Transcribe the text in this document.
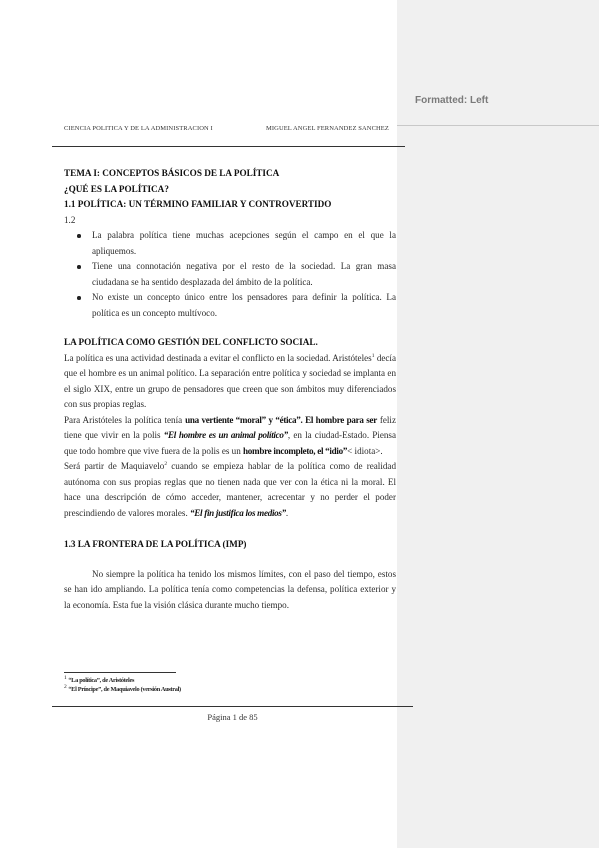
Formatted: Left
CIENCIA POLITICA Y DE LA ADMINISTRACION I	MIGUEL ANGEL FERNANDEZ SANCHEZ

TEMA I: CONCEPTOS BÁSICOS DE LA POLÍTICA

¿QUÉ ES LA POLÍTICA?

1.1 POLÍTICA: UN TÉRMINO FAMILIAR Y CONTROVERTIDO

1.2

La palabra política tiene muchas acepciones según el campo en el que la apliquemos.
Tiene una connotación negativa por el resto de la sociedad. La gran masa ciudadana se ha sentido desplazada del ámbito de la política.
No existe un concepto único entre los pensadores para definir la política. La política es un concepto multívoco.

LA POLÍTICA COMO GESTIÓN DEL CONFLICTO SOCIAL.

La política es una actividad destinada a evitar el conflicto en la sociedad. Aristóteles$^1$ decía que el hombre es un animal político. La separación entre política y sociedad se implanta en el siglo XIX, entre un grupo de pensadores que creen que son ámbitos muy diferenciados con sus propias reglas.

Para Aristóteles la política tenía una vertiente “moral” y “ética”. El hombre para ser feliz tiene que vivir en la polis “El hombre es un animal político”, en la ciudad-Estado. Piensa que todo hombre que vive fuera de la polis es un hombre incompleto, el “idio”< idiota>.

Será partir de Maquiavelo$^2$ cuando se empieza hablar de la política como de realidad autónoma con sus propias reglas que no tienen nada que ver con la ética ni la moral. El hace una descripción de cómo acceder, mantener, acrecentar y no perder el poder prescindiendo de valores morales. “El fin justifica los medios”.

1.3 LA FRONTERA DE LA POLÍTICA (IMP)

No siempre la política ha tenido los mismos límites, con el paso del tiempo, estos se han ido ampliando. La política tenía como competencias la defensa, política exterior y la economía. Esta fue la visión clásica durante mucho tiempo.

$^1$ “La política”, de Aristóteles
$^2$ “El Príncipe”, de Maquiavelo (versión Austral)
Página 1 de 85
